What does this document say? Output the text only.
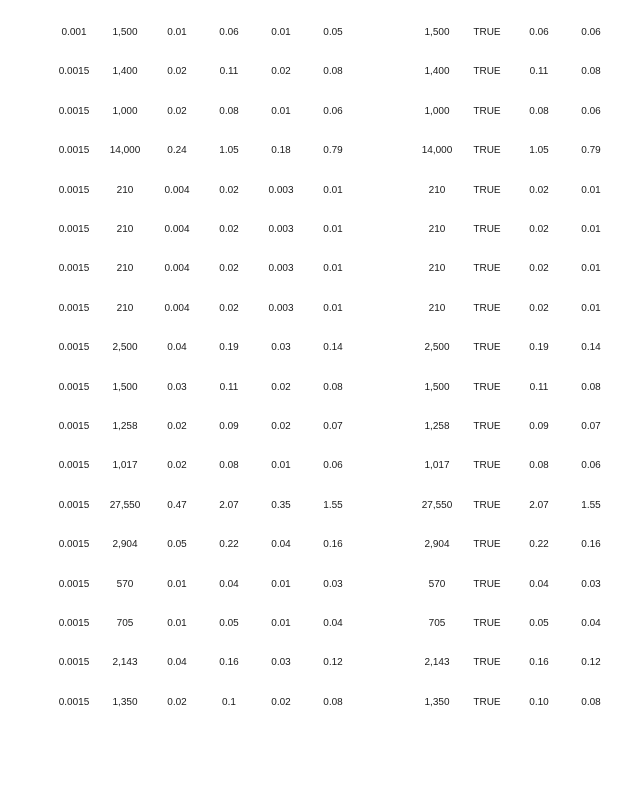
0.001	1,500	0.01	0.06	0.01	0.05	1,500 TRUE	0.06	0.06
0.0015 1,400	0.02	0.11	0.02	0.08	1,400 TRUE	0.11	0.08
0.0015 1,000	0.02	0.08	0.01	0.06	1,000 TRUE	0.08	0.06
0.0015 14,000	0.24	1.05	0.18	0.79	14,000 TRUE	1.05	0.79
0.0015	210	0.004	0.02	0.003	0.01	210	TRUE	0.02	0.01
0.0015	210	0.004	0.02	0.003	0.01	210	TRUE	0.02	0.01
0.0015	210	0.004	0.02	0.003	0.01	210	TRUE	0.02	0.01
0.0015	210	0.004	0.02	0.003	0.01	210	TRUE	0.02	0.01
0.0015 2,500	0.04	0.19	0.03	0.14	2,500 TRUE	0.19	0.14
0.0015 1,500	0.03	0.11	0.02	0.08	1,500 TRUE	0.11	0.08
0.0015 1,258	0.02	0.09	0.02	0.07	1,258 TRUE	0.09	0.07
0.0015 1,017	0.02	0.08	0.01	0.06	1,017 TRUE	0.08	0.06
0.0015 27,550	0.47	2.07	0.35	1.55	27,550 TRUE	2.07	1.55
0.0015 2,904	0.05	0.22	0.04	0.16	2,904 TRUE	0.22	0.16
0.0015	570	0.01	0.04	0.01	0.03	570	TRUE	0.04	0.03
0.0015	705	0.01	0.05	0.01	0.04	705	TRUE	0.05	0.04
0.0015 2,143	0.04	0.16	0.03	0.12	2,143 TRUE	0.16	0.12
0.0015 1,350	0.02	0.1	0.02	0.08	1,350 TRUE	0.10	0.08
